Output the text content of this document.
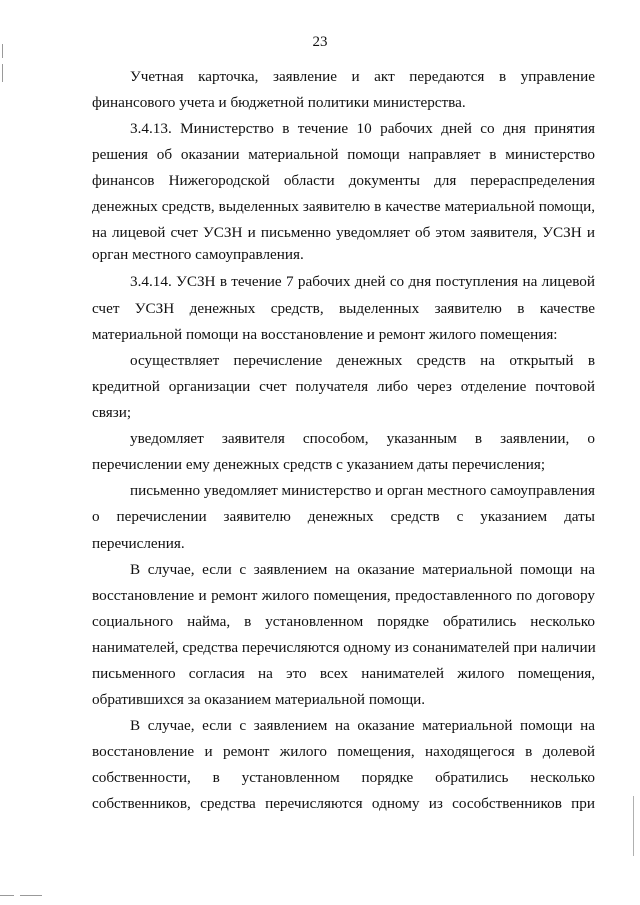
23
Учетная карточка, заявление и акт передаются в управление
финансового учета и бюджетной политики министерства.
3.4.13. Министерство в течение 10 рабочих дней со дня принятия
решения об оказании материальной помощи направляет в министерство
финансов Нижегородской области документы для перераспределения
денежных средств, выделенных заявителю в качестве материальной помощи,
на лицевой счет УСЗН и письменно уведомляет об этом заявителя, УСЗН и
орган местного самоуправления.
3.4.14. УСЗН в течение 7 рабочих дней со дня поступления на лицевой
счет УСЗН денежных средств, выделенных заявителю в качестве
материальной помощи на восстановление и ремонт жилого помещения:
осуществляет перечисление денежных средств на открытый в
кредитной организации счет получателя либо через отделение почтовой
связи;
уведомляет заявителя способом, указанным в заявлении, о
перечислении ему денежных средств с указанием даты перечисления;
письменно уведомляет министерство и орган местного самоуправления
о перечислении заявителю денежных средств с указанием даты
перечисления.
В случае, если с заявлением на оказание материальной помощи на
восстановление и ремонт жилого помещения, предоставленного по договору
социального найма, в установленном порядке обратились несколько
нанимателей, средства перечисляются одному из сонанимателей при наличии
письменного согласия на это всех нанимателей жилого помещения,
обратившихся за оказанием материальной помощи.
В случае, если с заявлением на оказание материальной помощи на
восстановление и ремонт жилого помещения, находящегося в долевой
собственности, в установленном порядке обратились несколько
собственников, средства перечисляются одному из сособственников при
